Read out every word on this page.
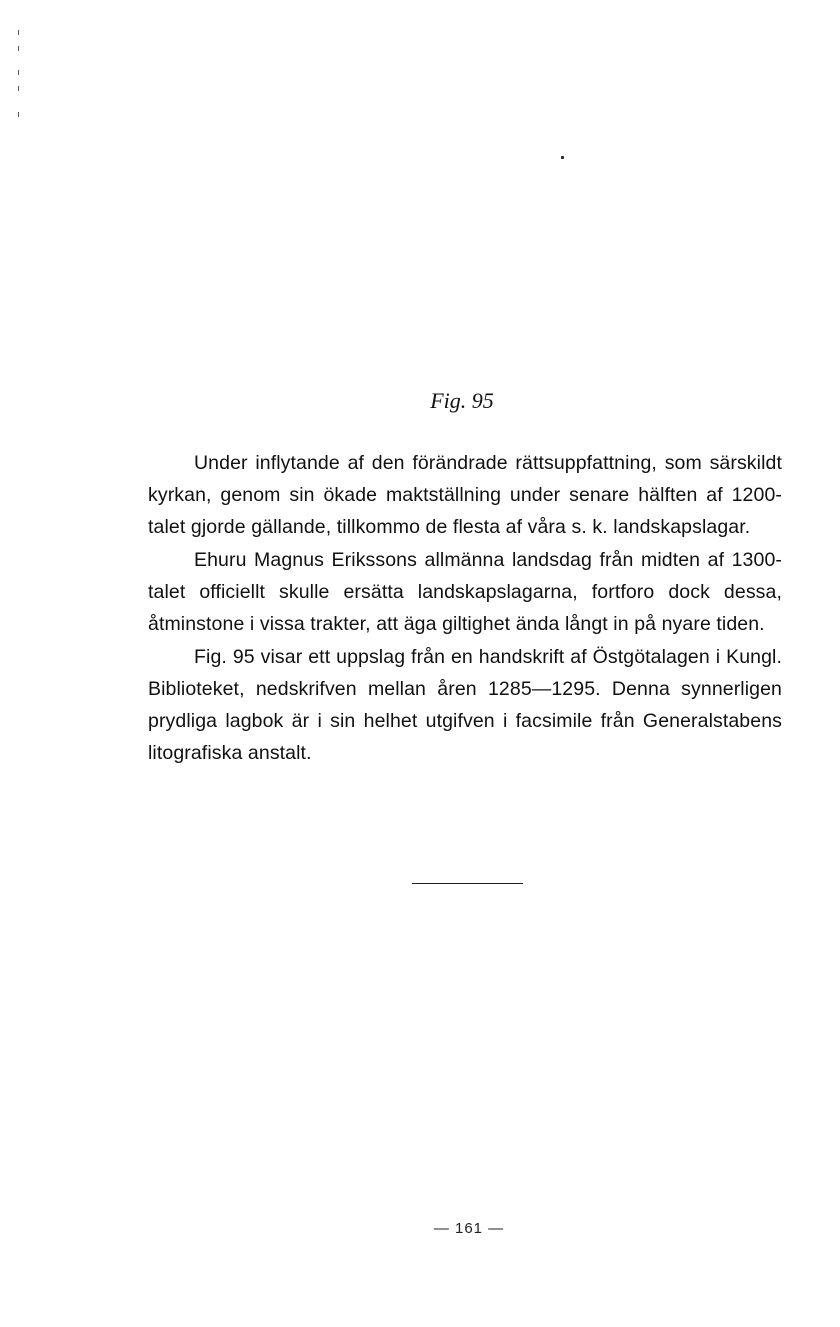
Fig. 95

Under inflytande af den förändrade rättsuppfattning, som särskildt kyrkan, genom sin ökade maktställning under senare hälften af 1200-talet gjorde gällande, tillkommo de flesta af våra s. k. landskapslagar.

Ehuru Magnus Erikssons allmänna landsdag från midten af 1300-talet officiellt skulle ersätta landskapslagarna, fortforo dock dessa, åtminstone i vissa trakter, att äga giltighet ända långt in på nyare tiden.

Fig. 95 visar ett uppslag från en handskrift af Östgötalagen i Kungl. Biblioteket, nedskrifven mellan åren 1285—1295. Denna synnerligen prydliga lagbok är i sin helhet utgifven i facsimile från Generalstabens litografiska anstalt.

— 161 —
